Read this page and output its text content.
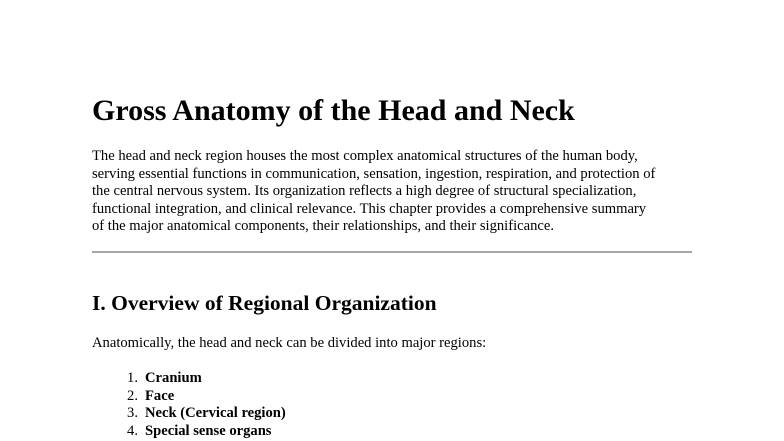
Gross Anatomy of the Head and Neck

The head and neck region houses the most complex anatomical structures of the human body,
serving essential functions in communication, sensation, ingestion, respiration, and protection of
the central nervous system. Its organization reflects a high degree of structural specialization,
functional integration, and clinical relevance. This chapter provides a comprehensive summary
of the major anatomical components, their relationships, and their significance.

I. Overview of Regional Organization

Anatomically, the head and neck can be divided into major regions:

1 . Cranium
2 . Face
3 . Neck (Cervical region)
4 . Special sense organs
